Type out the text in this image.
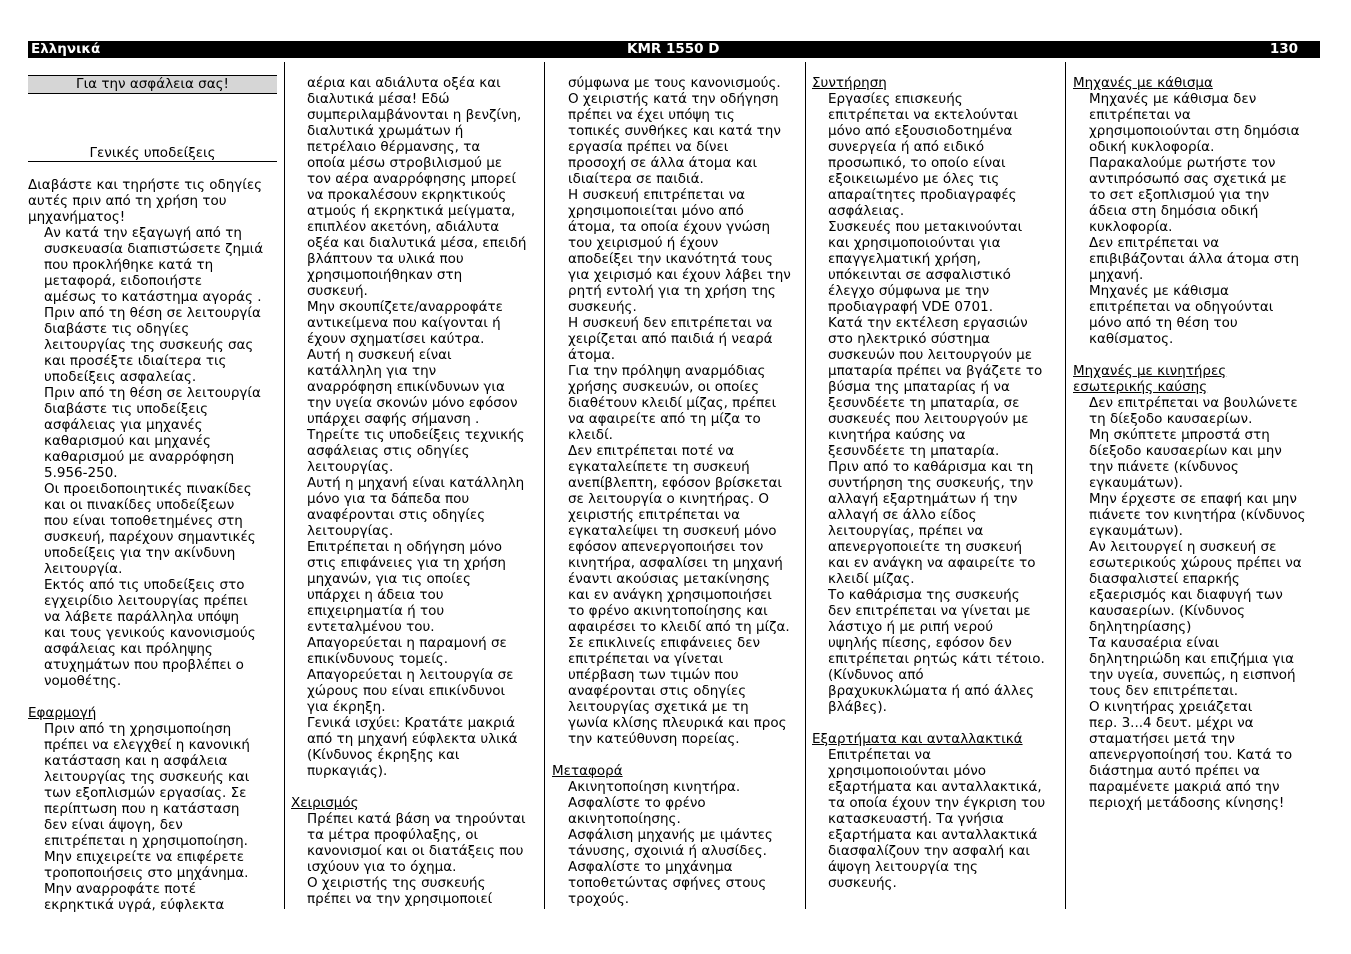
Ελληνικά	KMR 1550 D	130
Για την ασφάλεια σας!
Γενικές υποδείξεις

Διαβάστε και τηρήστε τις οδηγίες

αυτές πριν από τη χρήση του

μηχανήματος!

Αν κατά την εξαγωγή από τη

συσκευασία διαπιστώσετε ζημιά

που προκλήθηκε κατά τη

μεταφορά, ειδοποιήστε

αμέσως το κατάστημα αγοράς .

Πριν από τη θέση σε λειτουργία

διαβάστε τις οδηγίες

λειτουργίας της συσκευής σας

και προσέξτε ιδιαίτερα τις

υποδείξεις ασφαλείας.

Πριν από τη θέση σε λειτουργία

διαβάστε τις υποδείξεις

ασφάλειας για μηχανές

καθαρισμού και μηχανές

καθαρισμού με αναρρόφηση

5.956-250.

Οι προειδοποιητικές πινακίδες

και οι πινακίδες υποδείξεων

που είναι τοποθετημένες στη

συσκευή, παρέχουν σημαντικές

υποδείξεις για την ακίνδυνη

λειτουργία.

Εκτός από τις υποδείξεις στο

εγχειρίδιο λειτουργίας πρέπει

να λάβετε παράλληλα υπόψη

και τους γενικούς κανονισμούς

ασφάλειας και πρόληψης

ατυχημάτων που προβλέπει ο

νομοθέτης.

Εφαρμογή

Πριν από τη χρησιμοποίηση

πρέπει να ελεγχθεί η κανονική

κατάσταση και η ασφάλεια

λειτουργίας της συσκευής και

των εξοπλισμών εργασίας. Σε

περίπτωση που η κατάσταση

δεν είναι άψογη, δεν

επιτρέπεται η χρησιμοποίηση.

Μην επιχειρείτε να επιφέρετε

τροποποιήσεις στο μηχάνημα.

Μην αναρροφάτε ποτέ

εκρηκτικά υγρά, εύφλεκτα

αέρια και αδιάλυτα οξέα και

διαλυτικά μέσα! Εδώ

συμπεριλαμβάνονται η βενζίνη,

διαλυτικά χρωμάτων ή

πετρέλαιο θέρμανσης, τα

οποία μέσω στροβιλισμού με

τον αέρα αναρρόφησης μπορεί

να προκαλέσουν εκρηκτικούς

ατμούς ή εκρηκτικά μείγματα,

επιπλέον ακετόνη, αδιάλυτα

οξέα και διαλυτικά μέσα, επειδή

βλάπτουν τα υλικά που

χρησιμοποιήθηκαν στη

συσκευή.

Μην σκουπίζετε/αναρροφάτε

αντικείμενα που καίγονται ή

έχουν σχηματίσει καύτρα.

Αυτή η συσκευή είναι

κατάλληλη για την

αναρρόφηση επικίνδυνων για

την υγεία σκονών μόνο εφόσον

υπάρχει σαφής σήμανση .

Τηρείτε τις υποδείξεις τεχνικής

ασφάλειας στις οδηγίες

λειτουργίας.

Αυτή η μηχανή είναι κατάλληλη

μόνο για τα δάπεδα που

αναφέρονται στις οδηγίες

λειτουργίας.

Επιτρέπεται η οδήγηση μόνο

στις επιφάνειες για τη χρήση

μηχανών, για τις οποίες

υπάρχει η άδεια του

επιχειρηματία ή του

εντεταλμένου του.

Απαγορεύεται η παραμονή σε

επικίνδυνους τομείς.

Απαγορεύεται η λειτουργία σε

χώρους που είναι επικίνδυνοι

για έκρηξη.

Γενικά ισχύει: Κρατάτε μακριά

από τη μηχανή εύφλεκτα υλικά

(Κίνδυνος έκρηξης και

πυρκαγιάς).

Χειρισμός

Πρέπει κατά βάση να τηρούνται

τα μέτρα προφύλαξης, οι

κανονισμοί και οι διατάξεις που

ισχύουν για το όχημα.

Ο χειριστής της συσκευής

πρέπει να την χρησιμοποιεί

σύμφωνα με τους κανονισμούς.

Ο χειριστής κατά την οδήγηση

πρέπει να έχει υπόψη τις

τοπικές συνθήκες και κατά την

εργασία πρέπει να δίνει

προσοχή σε άλλα άτομα και

ιδιαίτερα σε παιδιά.

Η συσκευή επιτρέπεται να

χρησιμοποιείται μόνο από

άτομα, τα οποία έχουν γνώση

του χειρισμού ή έχουν

αποδείξει την ικανότητά τους

για χειρισμό και έχουν λάβει την

ρητή εντολή για τη χρήση της

συσκευής.

Η συσκευή δεν επιτρέπεται να

χειρίζεται από παιδιά ή νεαρά

άτομα.

Για την πρόληψη αναρμόδιας

χρήσης συσκευών, οι οποίες

διαθέτουν κλειδί μίζας, πρέπει

να αφαιρείτε από τη μίζα το

κλειδί.

Δεν επιτρέπεται ποτέ να

εγκαταλείπετε τη συσκευή

ανεπίβλεπτη, εφόσον βρίσκεται

σε λειτουργία ο κινητήρας. Ο

χειριστής επιτρέπεται να

εγκαταλείψει τη συσκευή μόνο

εφόσον απενεργοποιήσει τον

κινητήρα, ασφαλίσει τη μηχανή

έναντι ακούσιας μετακίνησης

και εν ανάγκη χρησιμοποιήσει

το φρένο ακινητοποίησης και

αφαιρέσει το κλειδί από τη μίζα.

Σε επικλινείς επιφάνειες δεν

επιτρέπεται να γίνεται

υπέρβαση των τιμών που

αναφέρονται στις οδηγίες

λειτουργίας σχετικά με τη

γωνία κλίσης πλευρικά και προς

την κατεύθυνση πορείας.

Μεταφορά

Ακινητοποίηση κινητήρα.

Ασφαλίστε το φρένο

ακινητοποίησης.

Ασφάλιση μηχανής με ιμάντες

τάνυσης, σχοινιά ή αλυσίδες.

Ασφαλίστε το μηχάνημα

τοποθετώντας σφήνες στους

τροχούς.

Συντήρηση

Εργασίες επισκευής

επιτρέπεται να εκτελούνται

μόνο από εξουσιοδοτημένα

συνεργεία ή από ειδικό

προσωπικό, το οποίο είναι

εξοικειωμένο με όλες τις

απαραίτητες προδιαγραφές

ασφάλειας.

Συσκευές που μετακινούνται

και χρησιμοποιούνται για

επαγγελματική χρήση,

υπόκεινται σε ασφαλιστικό

έλεγχο σύμφωνα με την

προδιαγραφή VDE 0701.

Κατά την εκτέλεση εργασιών

στο ηλεκτρικό σύστημα

συσκευών που λειτουργούν με

μπαταρία πρέπει να βγάζετε το

βύσμα της μπαταρίας ή να

ξεσυνδέετε τη μπαταρία, σε

συσκευές που λειτουργούν με

κινητήρα καύσης να

ξεσυνδέετε τη μπαταρία.

Πριν από το καθάρισμα και τη

συντήρηση της συσκευής, την

αλλαγή εξαρτημάτων ή την

αλλαγή σε άλλο είδος

λειτουργίας, πρέπει να

απενεργοποιείτε τη συσκευή

και εν ανάγκη να αφαιρείτε το

κλειδί μίζας.

Το καθάρισμα της συσκευής

δεν επιτρέπεται να γίνεται με

λάστιχο ή με ριπή νερού

υψηλής πίεσης, εφόσον δεν

επιτρέπεται ρητώς κάτι τέτοιο.

(Κίνδυνος από

βραχυκυκλώματα ή από άλλες

βλάβες).

Εξαρτήματα και ανταλλακτικά

Επιτρέπεται να

χρησιμοποιούνται μόνο

εξαρτήματα και ανταλλακτικά,

τα οποία έχουν την έγκριση του

κατασκευαστή. Τα γνήσια

εξαρτήματα και ανταλλακτικά

διασφαλίζουν την ασφαλή και

άψογη λειτουργία της

συσκευής.

Μηχανές με κάθισμα

Μηχανές με κάθισμα δεν

επιτρέπεται να

χρησιμοποιούνται στη δημόσια

οδική κυκλοφορία.

Παρακαλούμε ρωτήστε τον

αντιπρόσωπό σας σχετικά με

το σετ εξοπλισμού για την

άδεια στη δημόσια οδική

κυκλοφορία.

Δεν επιτρέπεται να

επιβιβάζονται άλλα άτομα στη

μηχανή.

Μηχανές με κάθισμα

επιτρέπεται να οδηγούνται

μόνο από τη θέση του

καθίσματος.

Μηχανές με κινητήρες

εσωτερικής καύσης

Δεν επιτρέπεται να βουλώνετε

τη δίεξοδο καυσαερίων.

Μη σκύπτετε μπροστά στη

δίεξοδο καυσαερίων και μην

την πιάνετε (κίνδυνος

εγκαυμάτων).

Μην έρχεστε σε επαφή και μην

πιάνετε τον κινητήρα (κίνδυνος

εγκαυμάτων).

Αν λειτουργεί η συσκευή σε

εσωτερικούς χώρους πρέπει να

διασφαλιστεί επαρκής

εξαερισμός και διαφυγή των

καυσαερίων. (Κίνδυνος

δηλητηρίασης)

Τα καυσαέρια είναι

δηλητηριώδη και επιζήμια για

την υγεία, συνεπώς, η εισπνοή

τους δεν επιτρέπεται.

Ο κινητήρας χρειάζεται

περ. 3...4 δευτ. μέχρι να

σταματήσει μετά την

απενεργοποίησή του. Κατά το

διάστημα αυτό πρέπει να

παραμένετε μακριά από την

περιοχή μετάδοσης κίνησης!
